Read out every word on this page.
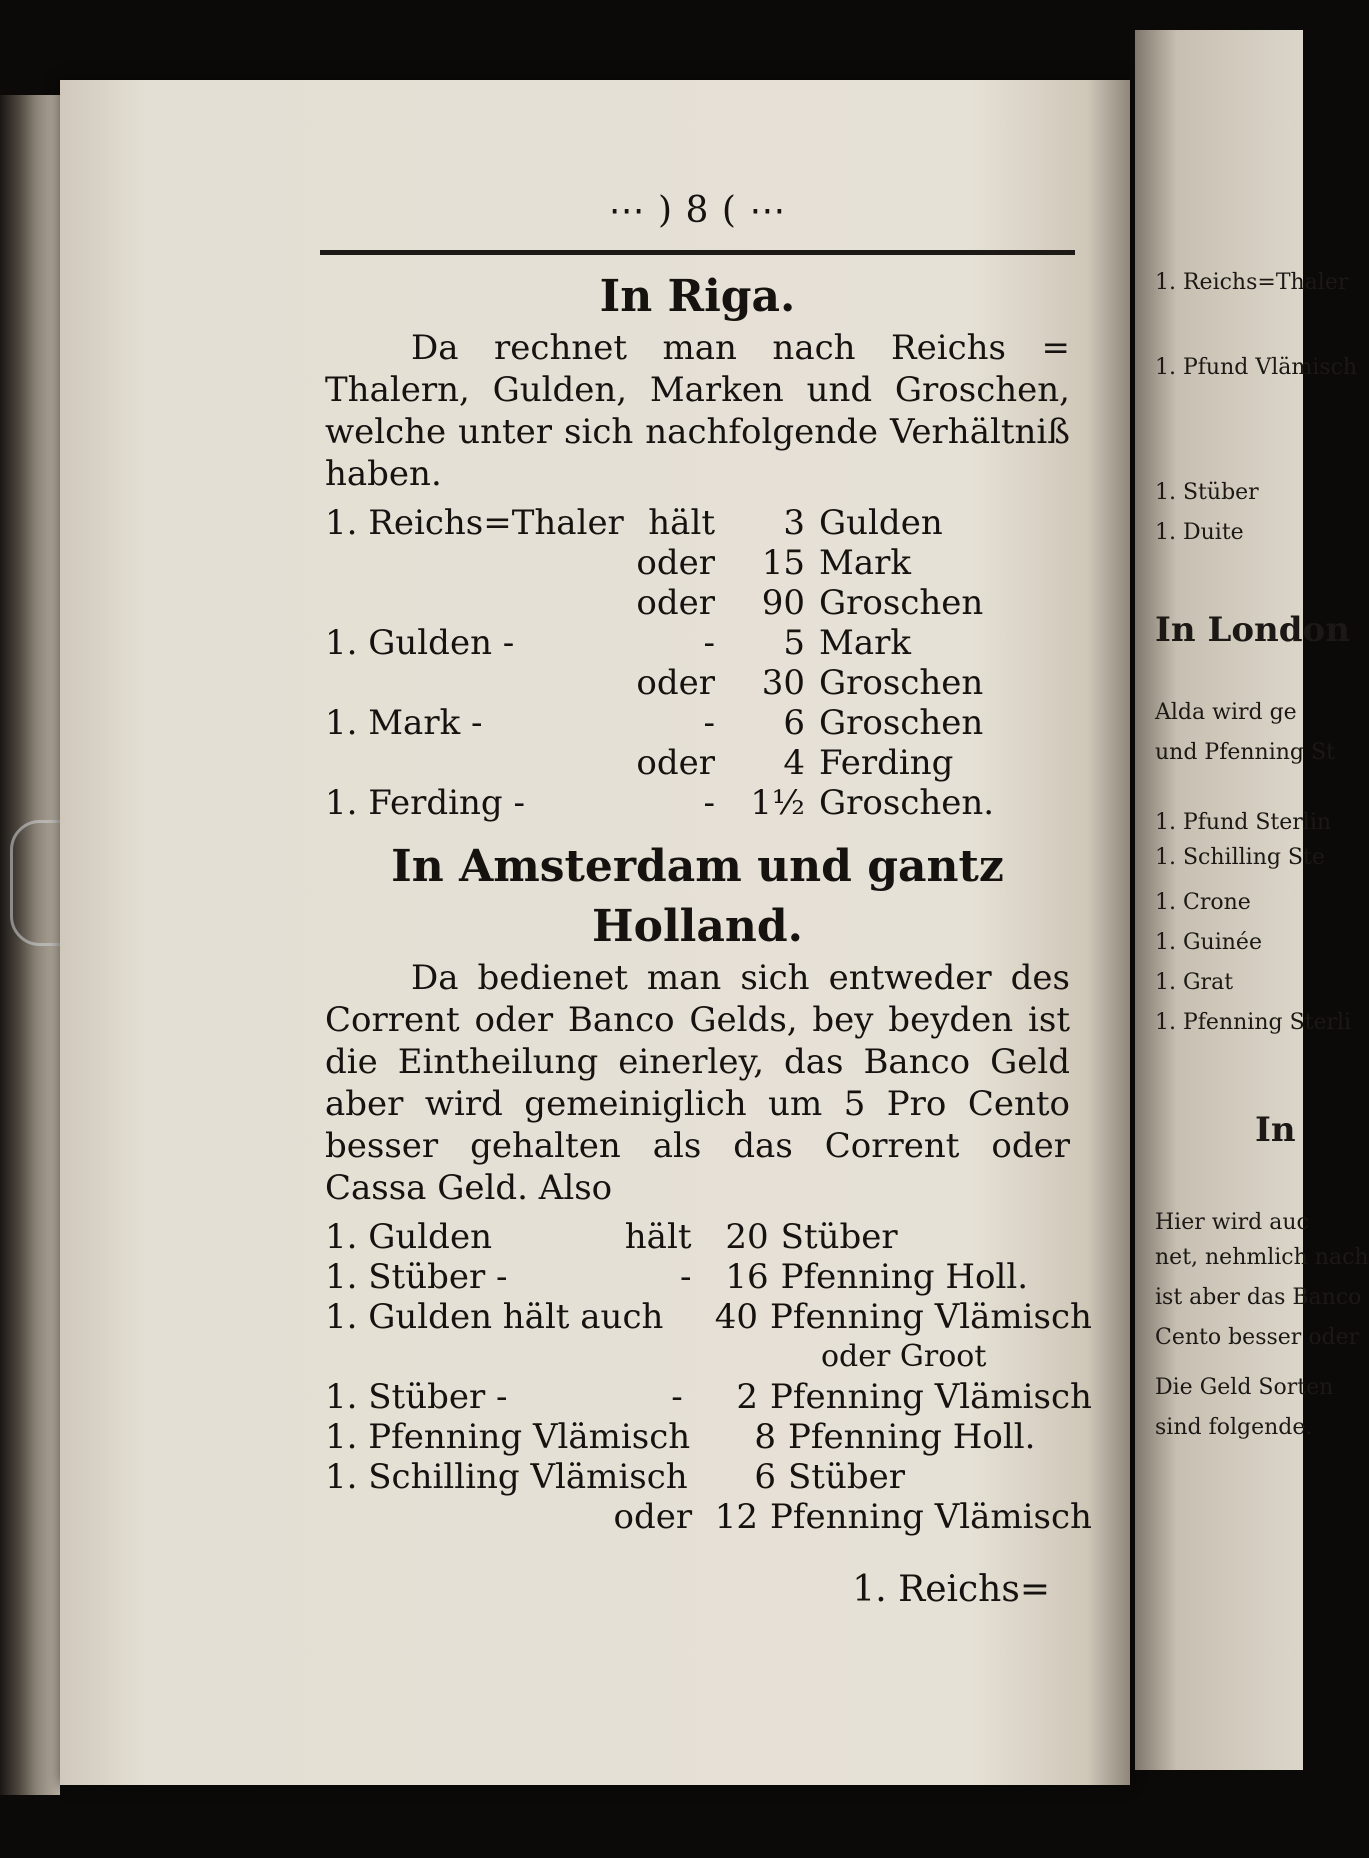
⋯ ) 8 ( ⋯
In Riga.

Da rechnet man nach Reichs = Thalern, Gulden, Marken und Groschen, welche unter sich nachfolgende Verhältniß haben.

1. Reichs=Thaler hält	3 Gulden
oder	15 Mark
oder	90 Groschen
1. Gulden -	-	5 Mark
oder	30 Groschen
1. Mark -	-	6 Groschen
oder	4 Ferding
1. Ferding -	-	1½ Groschen.
In Amsterdam und gantz Holland.

Da bedienet man sich entweder des Corrent oder Banco Gelds, bey beyden ist die Eintheilung einerley, das Banco Geld aber wird gemeiniglich um 5 Pro Cento besser gehalten als das Corrent oder Cassa Geld. Also

1. Gulden	hält 20 Stüber
1. Stüber -	- 16 Pfenning Holl.
1. Gulden hält auch	40 Pfenning Vlämisch
oder Groot
1. Stüber -	-	2 Pfenning Vlämisch
1. Pfenning Vlämisch	8 Pfenning Holl.
1. Schilling Vlämisch	6 Stüber
oder 12 Pfenning Vlämisch
1. Reichs=
1. Reichs=Thaler
1. Pfund Vlämisch
1. Stüber
1. Duite
In London
Alda wird ge
und Pfenning St
1. Pfund Sterlin
1. Schilling Ste
1. Crone
1. Guinée
1. Grat
1. Pfenning Sterli
In
Hier wird auc
net, nehmlich nach
ist aber das Banco
Cento besser oder
Die Geld Sorten
sind folgende.
